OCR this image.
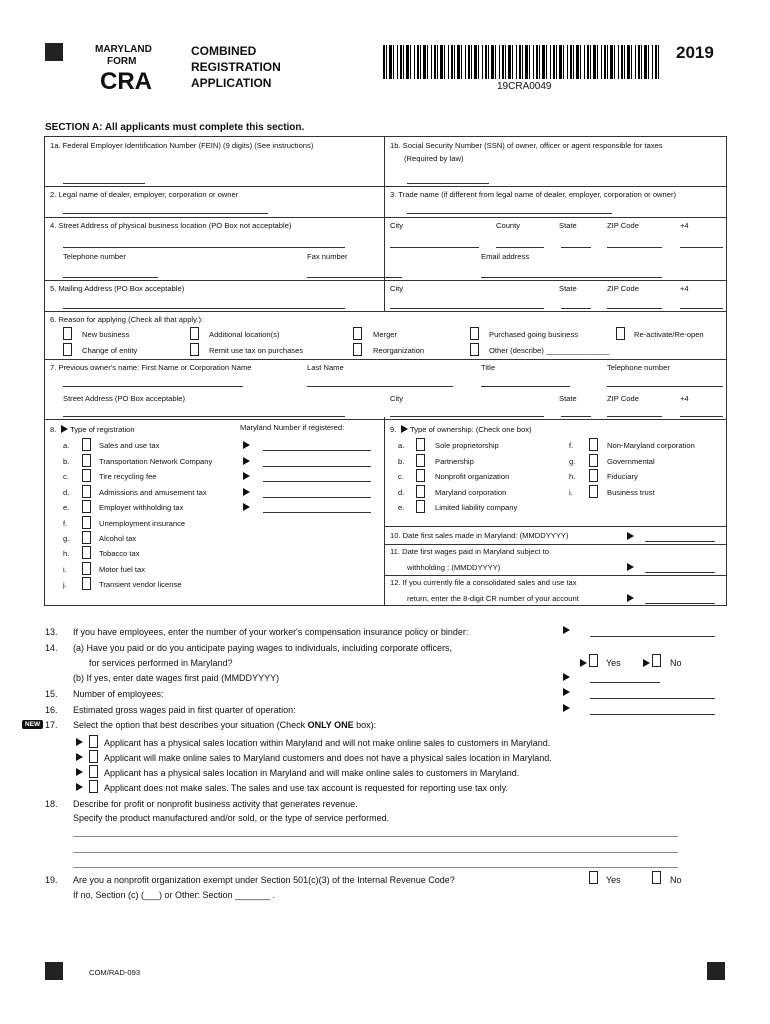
MARYLAND
FORM
CRA
COMBINED
REGISTRATION
APPLICATION	19CRA0049
2019
SECTION A: All applicants must complete this section.
1a. Federal Employer Identification Number (FEIN) (9 digits) (See instructions)	1b. Social Security Number (SSN) of owner, officer or agent responsible for taxes
(Required by law)
2. Legal name of dealer, employer, corporation or owner	3. Trade name (if different from legal name of dealer, employer, corporation or owner)
4. Street Address of physical business location (PO Box not acceptable)	City	County	State	ZIP Code	+4
Telephone number	Fax number	Email address
5. Mailing Address (PO Box acceptable)	City	State	ZIP Code	+4
6. Reason for applying (Check all that apply.):
New business	Additional location(s)	Merger	Purchased going business	Re-activate/Re-open
Change of entity	Remit use tax on purchases	Reorganization	Other (describe) _______________
7. Previous owner's name: First Name or Corporation Name	Last Name	Title	Telephone number
Street Address (PO Box acceptable)	City	State	ZIP Code	+4
8. Type of registration	Maryland Number if registered:	9. Type of ownership: (Check one box)
10. Date first sales made in Maryland: (MMDDYYYY)
11. Date first wages paid in Maryland subject to
withholding : (MMDDYYYY)
12. If you currently file a consolidated sales and use tax
return, enter the 8-digit CR number of your account
13. If you have employees, enter the number of your worker's compensation insurance policy or binder:
14. (a) Have you paid or do you anticipate paying wages to individuals, including corporate officers,
for services performed in Maryland?	Yes	No
(b) If yes, enter date wages first paid (MMDDYYYY)
15. Number of employees:
16. Estimated gross wages paid in first quarter of operation:
NEW 17. Select the option that best describes your situation (Check ONLY ONE box):
18. Describe for profit or nonprofit business activity that generates revenue.
Specify the product manufactured and/or sold, or the type of service performed.
19. Are you a nonprofit organization exempt under Section 501(c)(3) of the Internal Revenue Code?	Yes	No
If no, Section (c) (___) or Other: Section _______ .
COM/RAD-093
a.	Sales and use tax
b.	Transportation Network Company
c.	Tire recycling fee
d.	Admissions and amusement tax
e.	Employer withholding tax
f.	Unemployment insurance
g.	Alcohol tax
h.	Tobacco tax
i.	Motor fuel tax
j.	Transient vendor license
a.	Sole proprietorship
b.	Partnership
c.	Nonprofit organization
d.	Maryland corporation
e.	Limited liability company
f.	Non-Maryland corporation
g.	Governmental
h.	Fiduciary
i.	Business trust
Applicant has a physical sales location within Maryland and will not make online sales to customers in Maryland.
Applicant will make online sales to Maryland customers and does not have a physical sales location in Maryland.
Applicant has a physical sales location in Maryland and will make online sales to customers in Maryland.
Applicant does not make sales. The sales and use tax account is requested for reporting use tax only.
